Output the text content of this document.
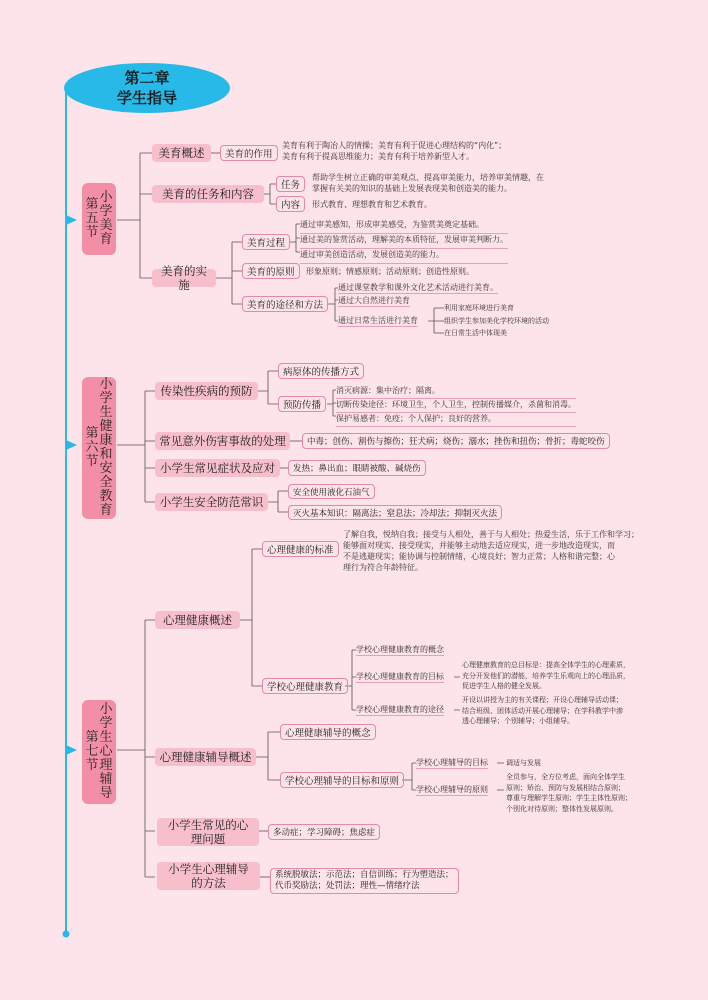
第二章
学生指导
小学美育
第五节
小学生健康和安全教育
第六节
小学生心理辅导
第七节
美育概述	美育的作用
美育有利于陶冶人的情操；美育有利于促进心理结构的“内化”；
美育有利于提高思维能力；美育有利于培养新型人才。
美育的任务和内容
任务
帮助学生树立正确的审美观点、提高审美能力，培养审美情趣，在
掌握有关美的知识的基础上发展表现美和创造美的能力。
内容	形式教育、理想教育和艺术教育。
美育的实施
美育过程
通过审美感知，形成审美感受，为鉴赏美奠定基础。
通过美的鉴赏活动，理解美的本质特征，发展审美判断力。
通过审美创造活动，发展创造美的能力。
美育的原则	形象原则；情感原则；活动原则；创造性原则。
美育的途径和方法
通过课堂教学和课外文化艺术活动进行美育。
通过大自然进行美育
通过日常生活进行美育
利用家庭环境进行美育
组织学生参加美化学校环境的活动
在日常生活中体现美
传染性疾病的预防
病原体的传播方式
预防传播
消灭病源：集中治疗；隔离。
切断传染途径：环境卫生，个人卫生，控制传播媒介，杀菌和消毒。
保护易感者：免疫；个人保护；良好的营养。
常见意外伤害事故的处理	中毒；创伤、割伤与擦伤；狂犬病；烧伤；溺水；挫伤和扭伤；骨折；毒蛇咬伤
小学生常见症状及应对	发热；鼻出血；眼睛被酸、碱烧伤
小学生安全防范常识
安全使用液化石油气
灭火基本知识：隔离法；窒息法；冷却法；抑制灭火法
心理健康概述
心理健康的标准
了解自我，悦纳自我；接受与人相处，善于与人相处；热爱生活，乐于工作和学习；
能够面对现实、接受现实，并能够主动地去适应现实，进一步地改造现实，而
不是逃避现实；能协调与控制情绪，心境良好；智力正常；人格和谐完整；心
理行为符合年龄特征。
学校心理健康教育
学校心理健康教育的概念
学校心理健康教育的目标
心理健康教育的总目标是：提高全体学生的心理素质，
充分开发他们的潜能，培养学生乐观向上的心理品质，
促进学生人格的健全发展。
学校心理健康教育的途径
开设以讲授为主的有关课程；开设心理辅导活动课；
结合班级、团体活动开展心理辅导；在学科教学中渗
透心理辅导；个别辅导；小组辅导。
心理健康辅导概述
心理健康辅导的概念
学校心理辅导的目标和原则
学校心理辅导的目标	调适与发展
学校心理辅导的原则
全员参与，全方位考虑，面向全体学生
原则；矫治、预防与发展相结合原则；
尊重与理解学生原则；学生主体性原则；
个别化对待原则；整体性发展原则。
小学生常见的心理问题	多动症；学习障碍；焦虑症
小学生心理辅导的方法
系统脱敏法；示范法；自信训练；行为塑造法；
代币奖励法；处罚法；理性—情绪疗法
